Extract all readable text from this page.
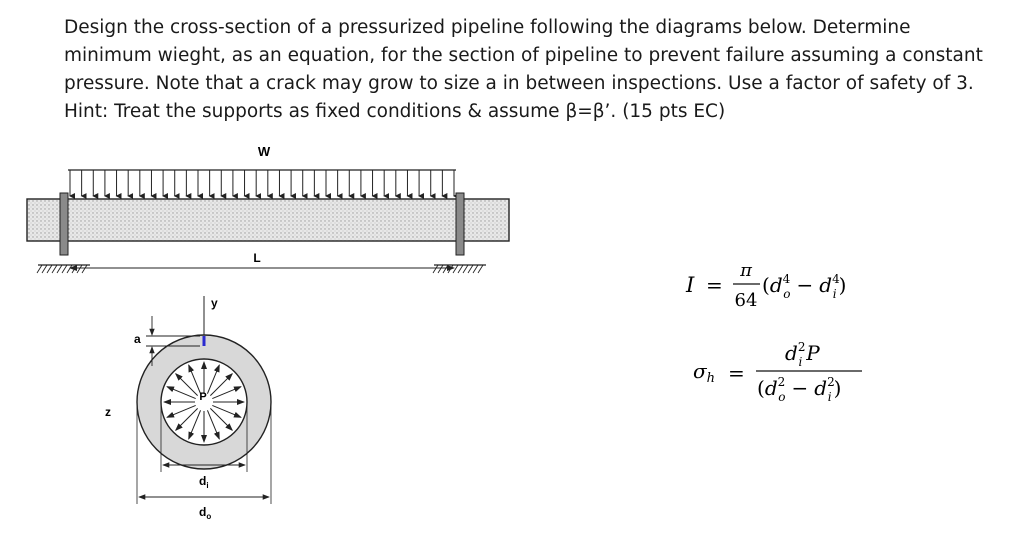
Design the cross-section of a pressurized pipeline following the diagrams below. Determine

minimum wieght, as an equation, for the section of pipeline to prevent failure assuming a constant

pressure. Note that a crack may grow to size a in between inspections. Use a factor of safety of 3.

Hint: Treat the supports as fixed conditions & assume β=β’. (15 pts EC)

W
L
y
P
a
z
$d_i$
$d_o$
I =
π
64
($d^4$ $o - d^4$ i )
$\sigma_h$ =
$d^2$ i P
($d^2$ $o - d^2$ i )
